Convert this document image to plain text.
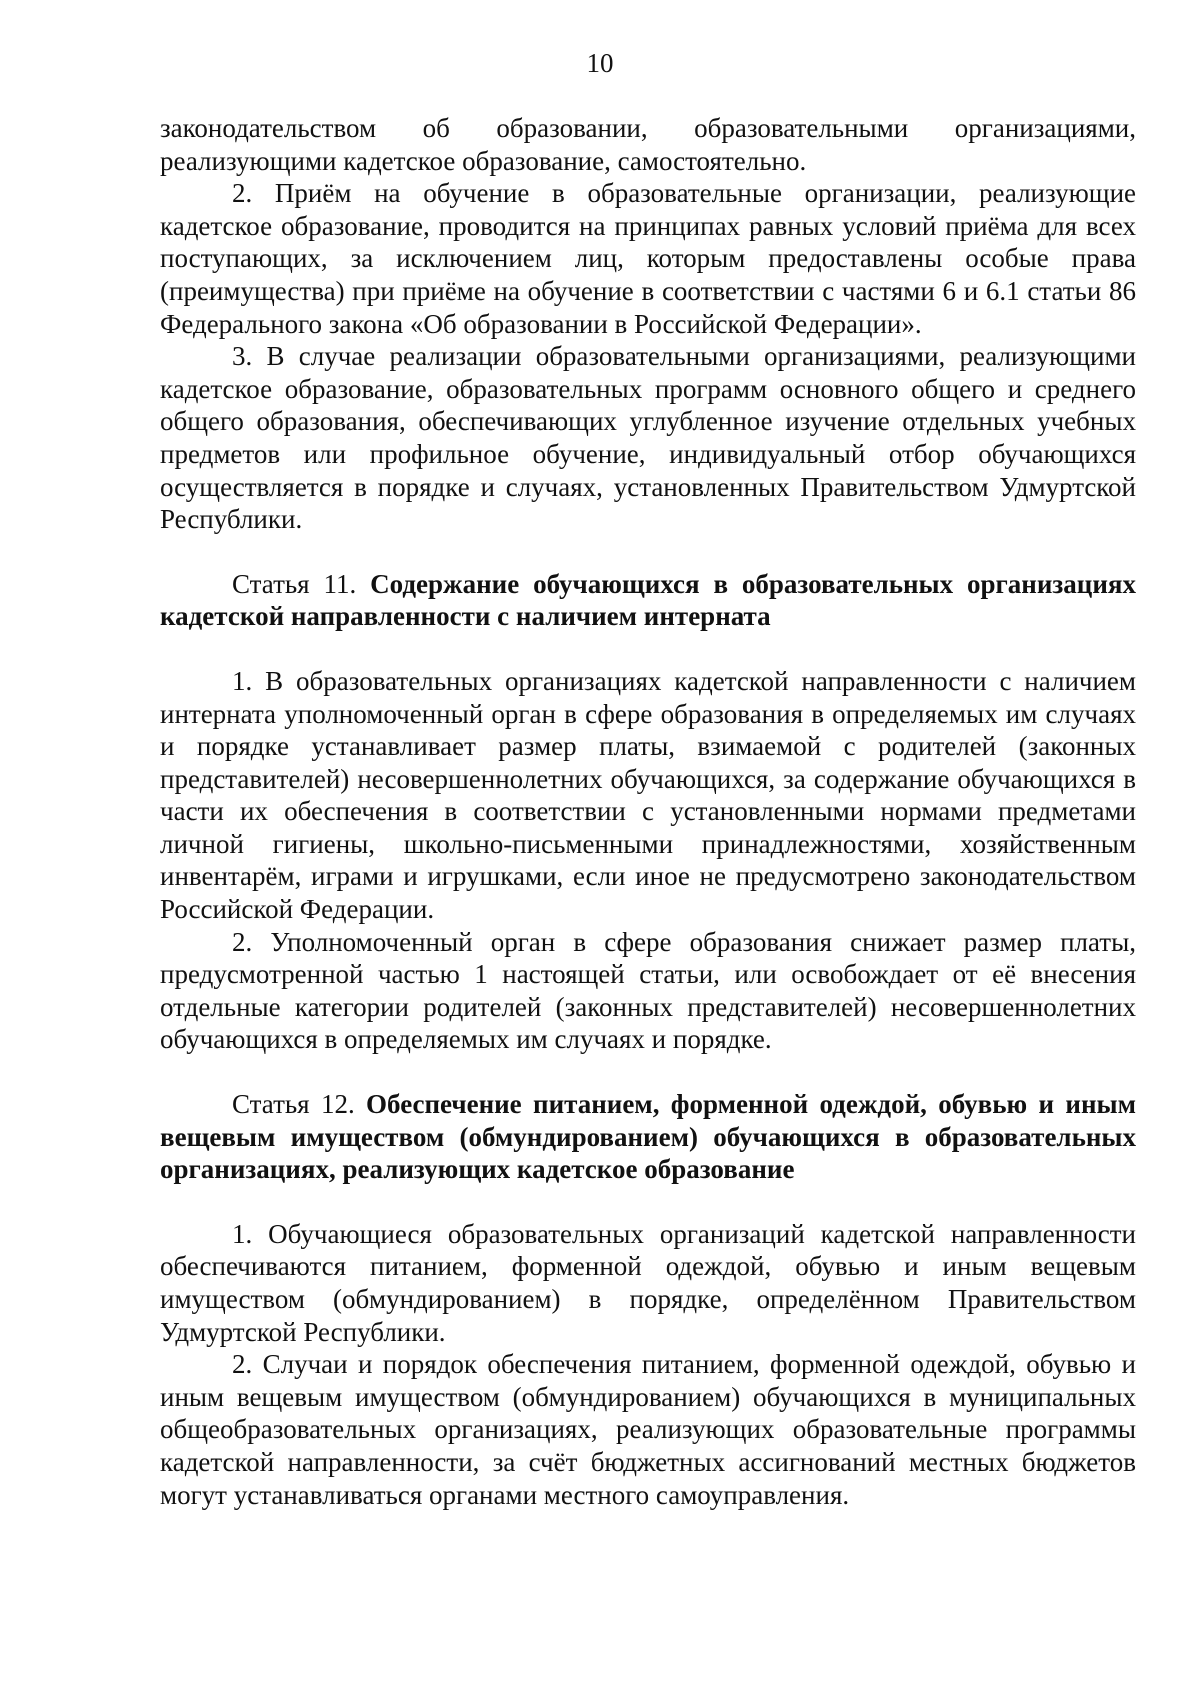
10

законодательством об образовании, образовательными организациями, реализующими кадетское образование, самостоятельно.

2. Приём на обучение в образовательные организации, реализующие кадетское образование, проводится на принципах равных условий приёма для всех поступающих, за исключением лиц, которым предоставлены особые права (преимущества) при приёме на обучение в соответствии с частями 6 и 6.1 статьи 86 Федерального закона «Об образовании в Российской Федерации».

3. В случае реализации образовательными организациями, реализующими кадетское образование, образовательных программ основного общего и среднего общего образования, обеспечивающих углубленное изучение отдельных учебных предметов или профильное обучение, индивидуальный отбор обучающихся осуществляется в порядке и случаях, установленных Правительством Удмуртской Республики.

Статья 11. Содержание обучающихся в образовательных организациях кадетской направленности с наличием интерната

1. В образовательных организациях кадетской направленности с наличием интерната уполномоченный орган в сфере образования в определяемых им случаях и порядке устанавливает размер платы, взимаемой с родителей (законных представителей) несовершеннолетних обучающихся, за содержание обучающихся в части их обеспечения в соответствии с установленными нормами предметами личной гигиены, школьно-письменными принадлежностями, хозяйственным инвентарём, играми и игрушками, если иное не предусмотрено законодательством Российской Федерации.

2. Уполномоченный орган в сфере образования снижает размер платы, предусмотренной частью 1 настоящей статьи, или освобождает от её внесения отдельные категории родителей (законных представителей) несовершеннолетних обучающихся в определяемых им случаях и порядке.

Статья 12. Обеспечение питанием, форменной одеждой, обувью и иным вещевым имуществом (обмундированием) обучающихся в образовательных организациях, реализующих кадетское образование

1. Обучающиеся образовательных организаций кадетской направленности обеспечиваются питанием, форменной одеждой, обувью и иным вещевым имуществом (обмундированием) в порядке, определённом Правительством Удмуртской Республики.

2. Случаи и порядок обеспечения питанием, форменной одеждой, обувью и иным вещевым имуществом (обмундированием) обучающихся в муниципальных общеобразовательных организациях, реализующих образовательные программы кадетской направленности, за счёт бюджетных ассигнований местных бюджетов могут устанавливаться органами местного самоуправления.
